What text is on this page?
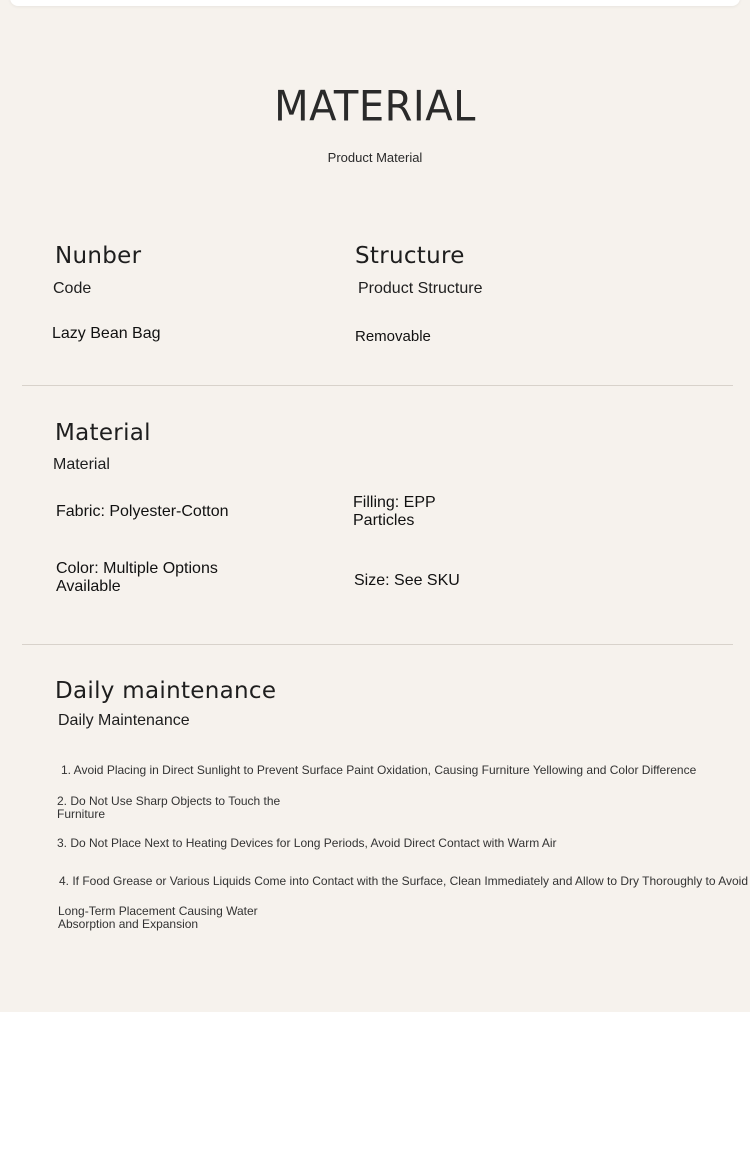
MATERIAL
Product Material
Nunber
Code
Lazy Bean Bag
Structure
Product Structure
Removable
Material
Material
Fabric: Polyester-Cotton
Filling: EPP Particles
Color: Multiple Options Available	Size: See SKU
Daily maintenance
Daily Maintenance
1. Avoid Placing in Direct Sunlight to Prevent Surface Paint Oxidation, Causing Furniture Yellowing and Color Difference
2. Do Not Use Sharp Objects to Touch the Furniture
3. Do Not Place Next to Heating Devices for Long Periods, Avoid Direct Contact with Warm Air
4. If Food Grease or Various Liquids Come into Contact with the Surface, Clean Immediately and Allow to Dry Thoroughly to Avoid
Long-Term Placement Causing Water Absorption and Expansion
